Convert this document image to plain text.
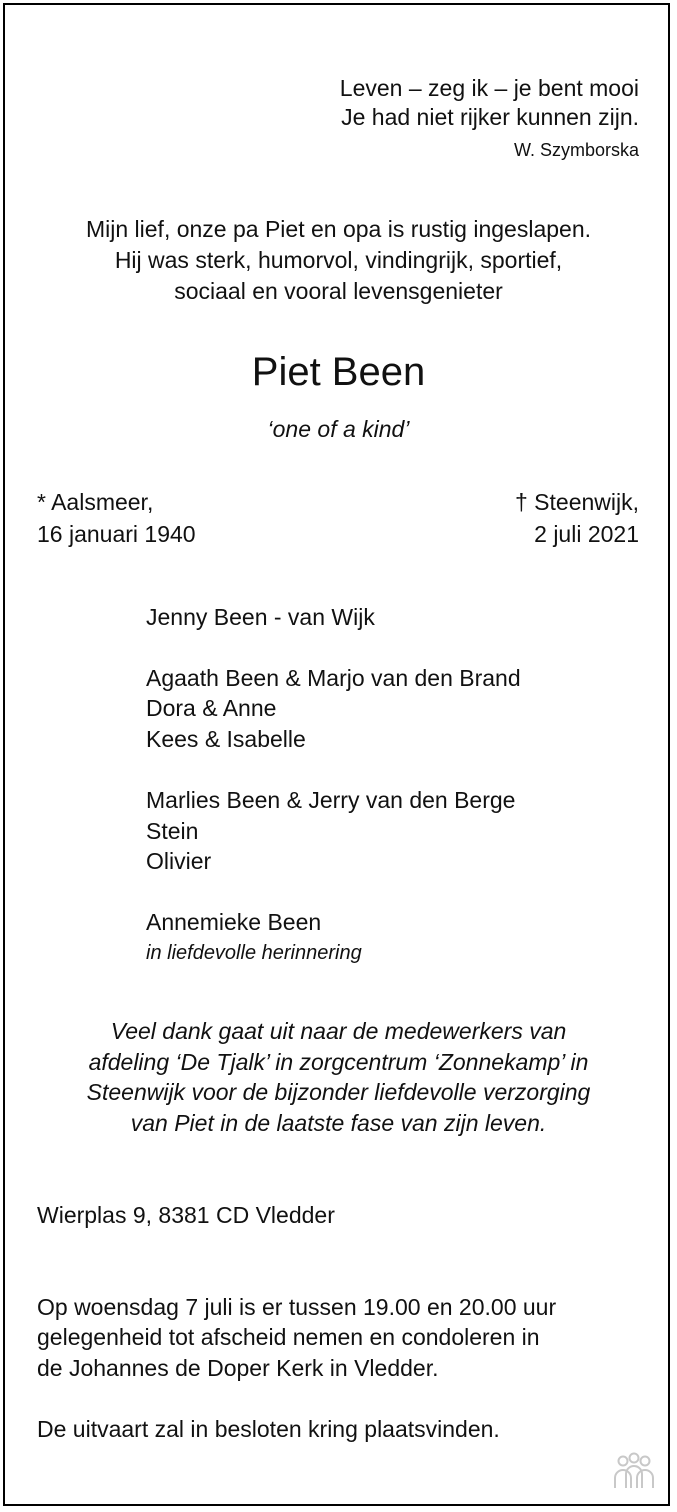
Leven – zeg ik – je bent mooi
Je had niet rijker kunnen zijn.
W. Szymborska
Mijn lief, onze pa Piet en opa is rustig ingeslapen.
Hij was sterk, humorvol, vindingrijk, sportief,
sociaal en vooral levensgenieter
Piet Been
‘one of a kind’
* Aalsmeer,
16 januari 1940
† Steenwijk,
2 juli 2021
Jenny Been - van Wijk
Agaath Been & Marjo van den Brand
Dora & Anne
Kees & Isabelle
Marlies Been & Jerry van den Berge
Stein
Olivier
Annemieke Been
in liefdevolle herinnering
Veel dank gaat uit naar de medewerkers van
afdeling ‘De Tjalk’ in zorgcentrum ‘Zonnekamp’ in
Steenwijk voor de bijzonder liefdevolle verzorging
van Piet in de laatste fase van zijn leven.
Wierplas 9, 8381 CD Vledder
Op woensdag 7 juli is er tussen 19.00 en 20.00 uur
gelegenheid tot afscheid nemen en condoleren in
de Johannes de Doper Kerk in Vledder.
De uitvaart zal in besloten kring plaatsvinden.
